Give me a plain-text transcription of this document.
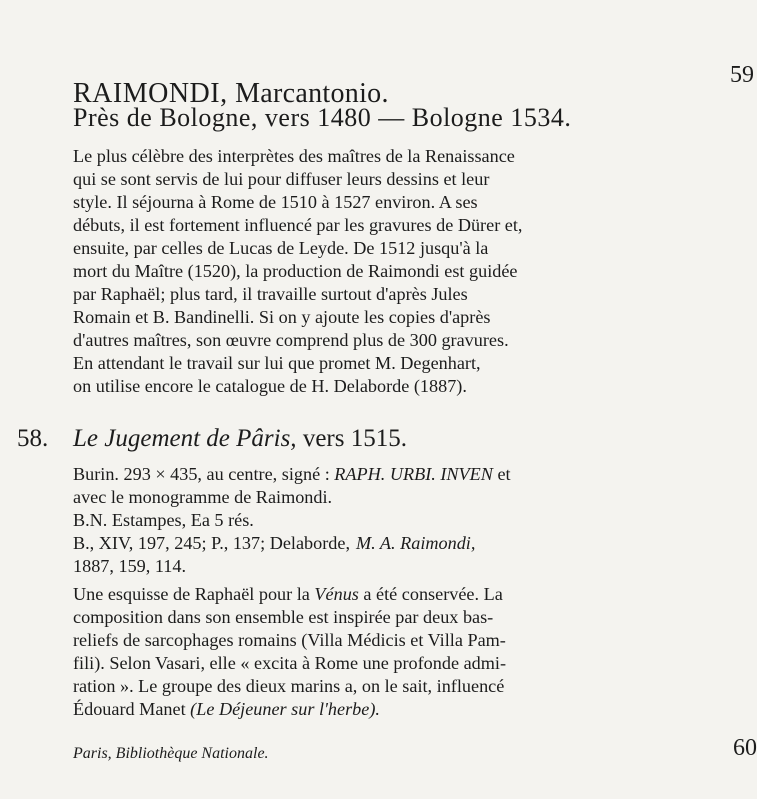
59
RAIMONDI, Marcantonio.
Près de Bologne, vers 1480 — Bologne 1534.
Le plus célèbre des interprètes des maîtres de la Renaissance
qui se sont servis de lui pour diffuser leurs dessins et leur
style. Il séjourna à Rome de 1510 à 1527 environ. A ses
débuts, il est fortement influencé par les gravures de Dürer et,
ensuite, par celles de Lucas de Leyde. De 1512 jusqu'à la
mort du Maître (1520), la production de Raimondi est guidée
par Raphaël; plus tard, il travaille surtout d'après Jules
Romain et B. Bandinelli. Si on y ajoute les copies d'après
d'autres maîtres, son œuvre comprend plus de 300 gravures.
En attendant le travail sur lui que promet M. Degenhart,
on utilise encore le catalogue de H. Delaborde (1887).
58. Le Jugement de Pâris, vers 1515.
Burin. 293 × 435, au centre, signé : RAPH. URBI. INVEN et
avec le monogramme de Raimondi.
B.N. Estampes, Ea 5 rés.
B., XIV, 197, 245; P., 137; Delaborde, M. A. Raimondi,
1887, 159, 114.
Une esquisse de Raphaël pour la Vénus a été conservée. La
composition dans son ensemble est inspirée par deux bas-
reliefs de sarcophages romains (Villa Médicis et Villa Pam-
fili). Selon Vasari, elle « excita à Rome une profonde admi-
ration ». Le groupe des dieux marins a, on le sait, influencé
Édouard Manet (Le Déjeuner sur l'herbe).
Paris, Bibliothèque Nationale.	60
